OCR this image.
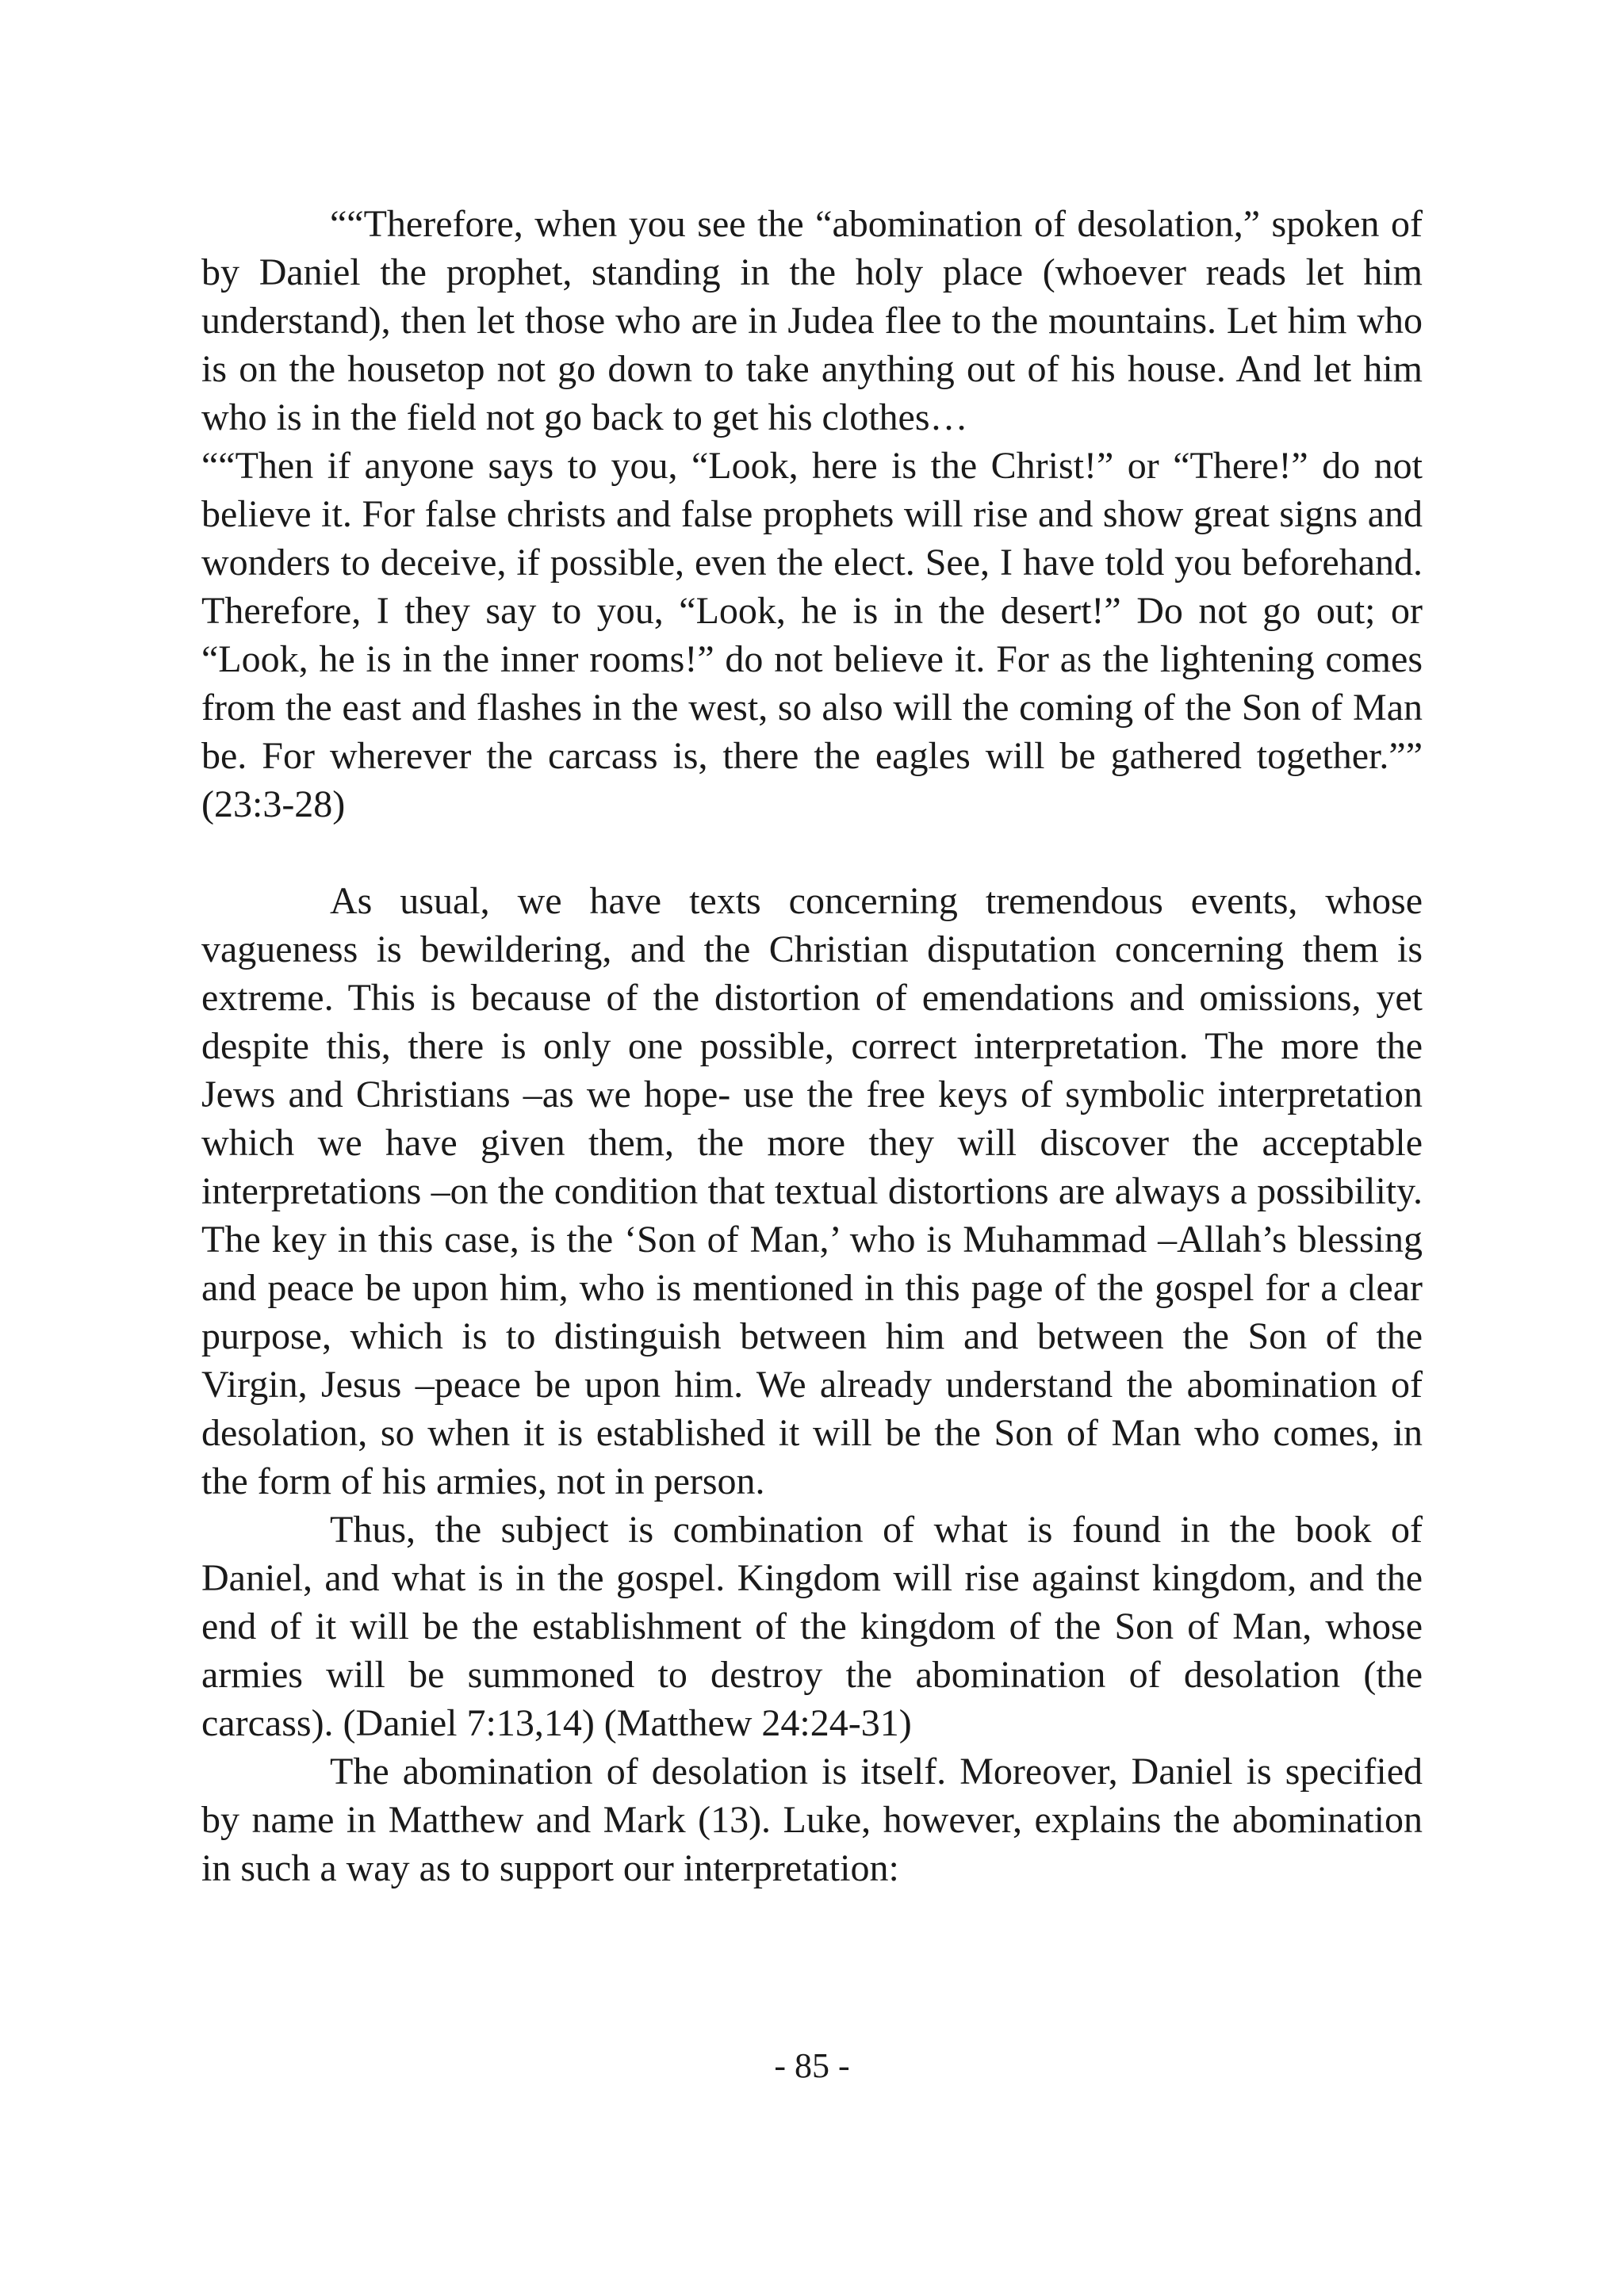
““Therefore, when you see the “abomination of desolation,” spoken of by Daniel the prophet, standing in the holy place (whoever reads let him understand), then let those who are in Judea flee to the mountains. Let him who is on the housetop not go down to take anything out of his house. And let him who is in the field not go back to get his clothes…

““Then if anyone says to you, “Look, here is the Christ!” or “There!” do not believe it. For false christs and false prophets will rise and show great signs and wonders to deceive, if possible, even the elect. See, I have told you beforehand. Therefore, I they say to you, “Look, he is in the desert!” Do not go out; or “Look, he is in the inner rooms!” do not believe it. For as the lightening comes from the east and flashes in the west, so also will the coming of the Son of Man be. For wherever the carcass is, there the eagles will be gathered together.”” (23:3-28)

As usual, we have texts concerning tremendous events, whose vagueness is bewildering, and the Christian disputation concerning them is extreme. This is because of the distortion of emendations and omissions, yet despite this, there is only one possible, correct interpretation. The more the Jews and Christians –as we hope- use the free keys of symbolic interpretation which we have given them, the more they will discover the acceptable interpretations –on the condition that textual distortions are always a possibility. The key in this case, is the ‘Son of Man,’ who is Muhammad –Allah’s blessing and peace be upon him, who is mentioned in this page of the gospel for a clear purpose, which is to distinguish between him and between the Son of the Virgin, Jesus –peace be upon him. We already understand the abomination of desolation, so when it is established it will be the Son of Man who comes, in the form of his armies, not in person.

Thus, the subject is combination of what is found in the book of Daniel, and what is in the gospel. Kingdom will rise against kingdom, and the end of it will be the establishment of the kingdom of the Son of Man, whose armies will be summoned to destroy the abomination of desolation (the carcass). (Daniel 7:13,14) (Matthew 24:24-31)

The abomination of desolation is itself. Moreover, Daniel is specified by name in Matthew and Mark (13). Luke, however, explains the abomination in such a way as to support our interpretation:

- 85 -
